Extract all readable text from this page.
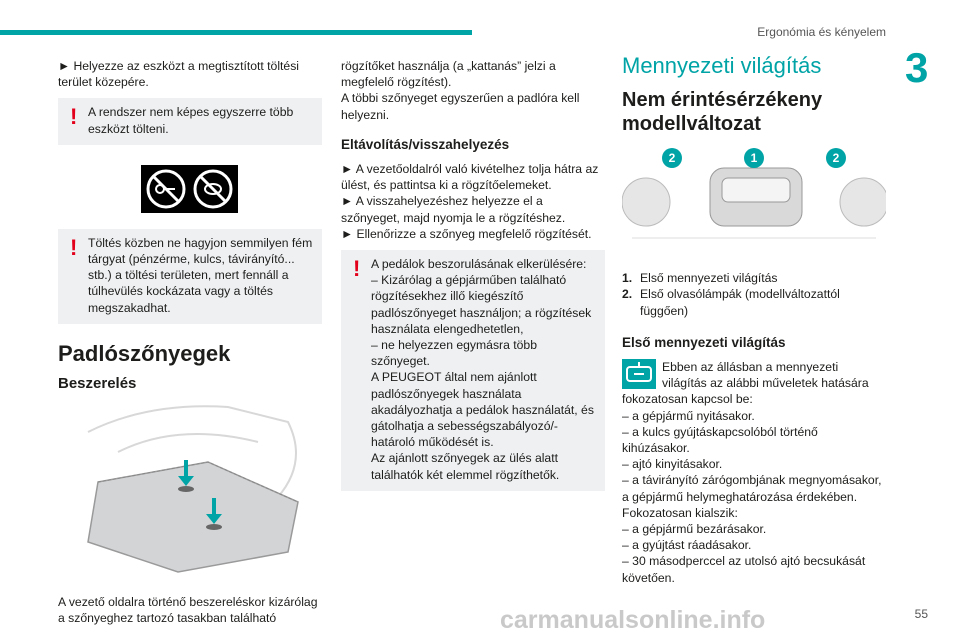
Ergonómia és kényelem
3

► Helyezze az eszközt a megtisztított töltési terület közepére.

! A rendszer nem képes egyszerre több eszközt tölteni.

! Töltés közben ne hagyjon semmilyen fém tárgyat (pénzérme, kulcs, távirányító... stb.) a töltési területen, mert fennáll a túlhevülés kockázata vagy a töltés megszakadhat.

Padlószőnyegek
Beszerelés

A vezető oldalra történő beszereléskor kizárólag a szőnyeghez tartozó tasakban található

rögzítőket használja (a „kattanás” jelzi a

megfelelő rögzítést).

A többi szőnyeget egyszerűen a padlóra kell

helyezni.

Eltávolítás/visszahelyezés

► A vezetőoldalról való kivételhez tolja hátra az ülést, és pattintsa ki a rögzítőelemeket.

► A visszahelyezéshez helyezze el a szőnyeget, majd nyomja le a rögzítéshez.

► Ellenőrizze a szőnyeg megfelelő rögzítését.

! A pedálok beszorulásának elkerülésére:

– Kizárólag a gépjárműben található rögzítésekhez illő kiegészítő padlószőnyeget használjon; a rögzítések használata elengedhetetlen,

– ne helyezzen egymásra több szőnyeget.

A PEUGEOT által nem ajánlott padlószőnyegek használata akadályozhatja a pedálok használatát, és gátolhatja a sebességszabályozó/-határoló működését is.

Az ajánlott szőnyegek az ülés alatt találhatók két elemmel rögzíthetők.

Mennyezeti világítás
Nem érintésérzékeny modellváltozat
2	1	2
1. Első mennyezeti világítás
2. Első olvasólámpák (modellváltozattól függően)
Első mennyezeti világítás

Ebben az állásban a mennyezeti világítás az alábbi műveletek hatására fokozatosan kapcsol be:

– a gépjármű nyitásakor.

– a kulcs gyújtáskapcsolóból történő kihúzásakor.

– ajtó kinyitásakor.

– a távirányító zárógombjának megnyomásakor, a gépjármű helymeghatározása érdekében.

Fokozatosan kialszik:

– a gépjármű bezárásakor.

– a gyújtást ráadásakor.

– 30 másodperccel az utolsó ajtó becsukását követően.

carmanualsonline.info	55
